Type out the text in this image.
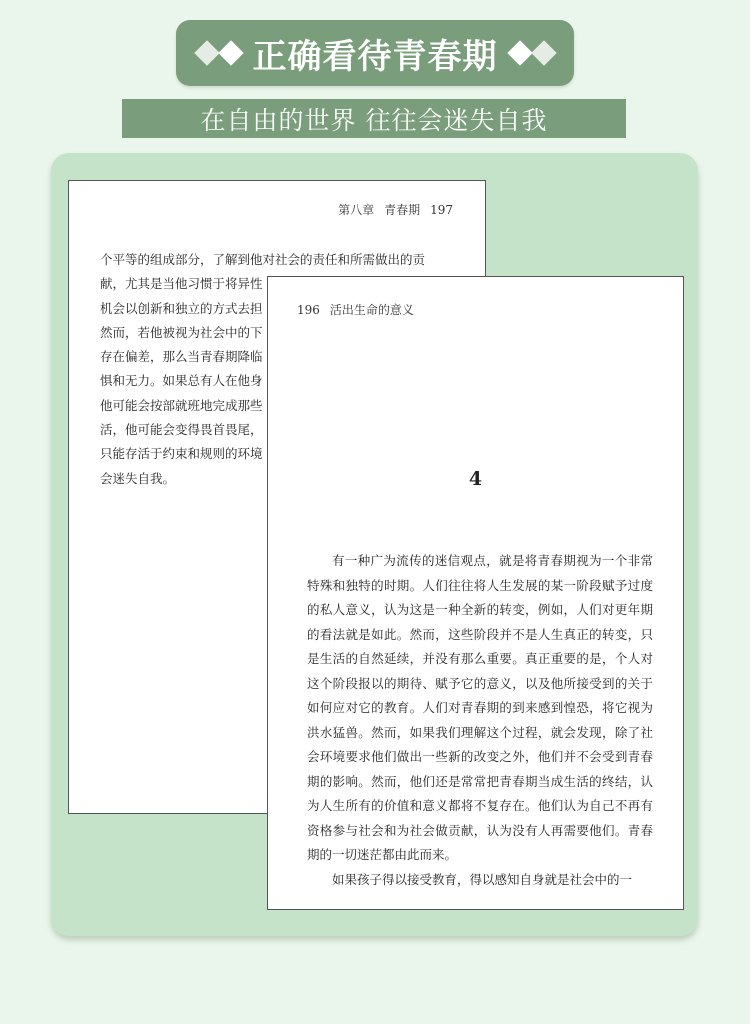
正确看待青春期
在自由的世界 往往会迷失自我
第八章 青春期 197

个平等的组成部分，了解到他对社会的责任和所需做出的贡
献，尤其是当他习惯于将异性
机会以创新和独立的方式去担
然而，若他被视为社会中的下
存在偏差，那么当青春期降临
惧和无力。如果总有人在他身
他可能会按部就班地完成那些
活，他可能会变得畏首畏尾，
只能存活于约束和规则的环境
会迷失自我。

196 活出生命的意义
4

有一种广为流传的迷信观点，就是将青春期视为一个非常特殊和独特的时期。人们往往将人生发展的某一阶段赋予过度的私人意义，认为这是一种全新的转变，例如，人们对更年期的看法就是如此。然而，这些阶段并不是人生真正的转变，只是生活的自然延续，并没有那么重要。真正重要的是，个人对这个阶段报以的期待、赋予它的意义，以及他所接受到的关于如何应对它的教育。人们对青春期的到来感到惶恐，将它视为洪水猛兽。然而，如果我们理解这个过程，就会发现，除了社会环境要求他们做出一些新的改变之外，他们并不会受到青春期的影响。然而，他们还是常常把青春期当成生活的终结，认为人生所有的价值和意义都将不复存在。他们认为自己不再有资格参与社会和为社会做贡献，认为没有人再需要他们。青春期的一切迷茫都由此而来。

如果孩子得以接受教育，得以感知自身就是社会中的一
